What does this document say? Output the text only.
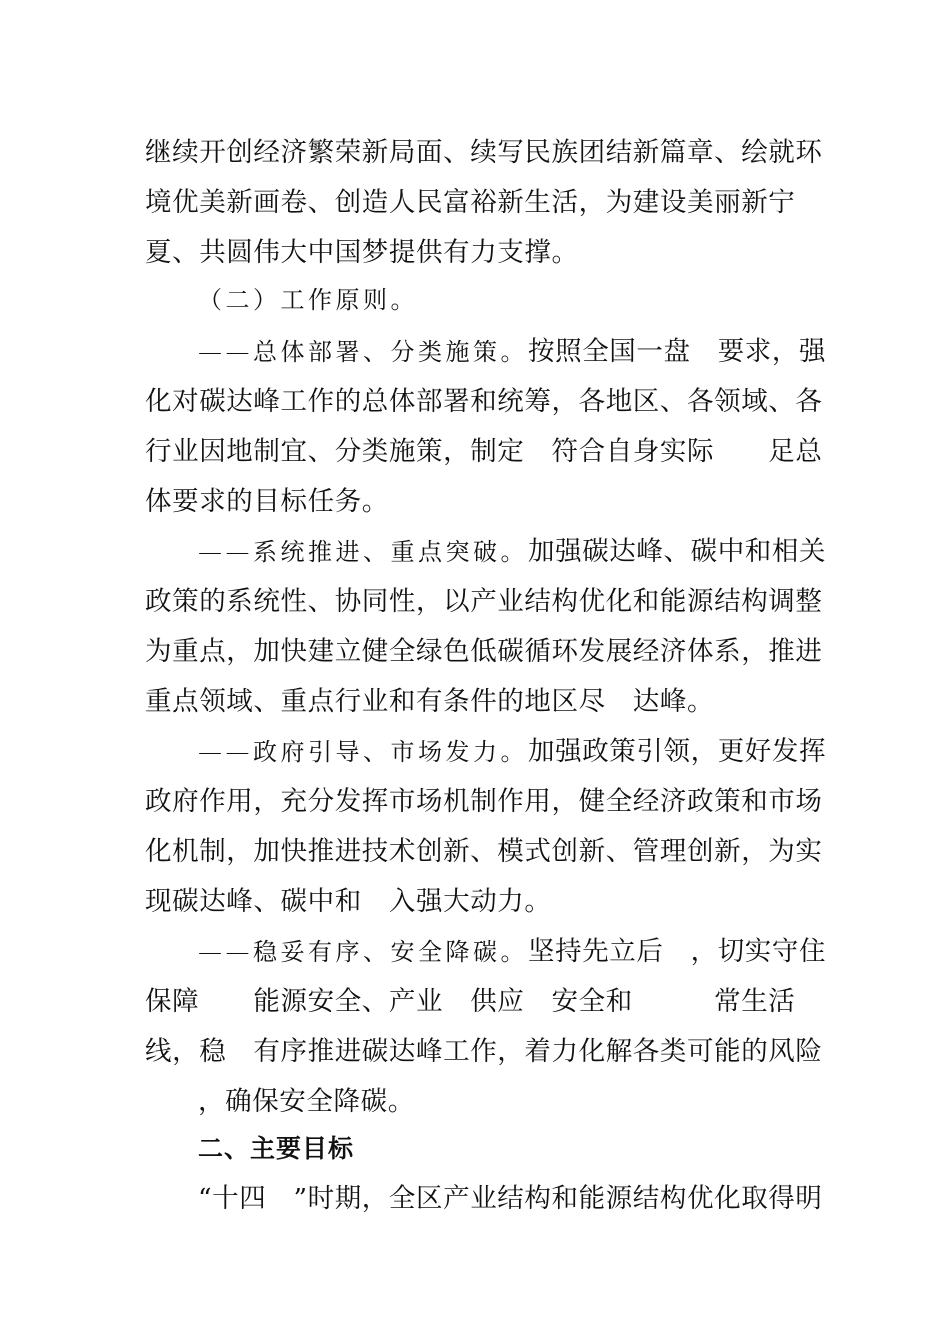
继续开创经济繁荣新局面、续写民族团结新篇章、绘就环
境优美新画卷、创造人民富裕新生活，为建设美丽新宁
夏、共圆伟大中国梦提供有力支撑。
（二）工作原则。
——总体部署、分类施策。按照全国一盘　要求，强
化对碳达峰工作的总体部署和统筹，各地区、各领域、各
行业因地制宜、分类施策，制定　符合自身实际　　足总
体要求的目标任务。
——系统推进、重点突破。加强碳达峰、碳中和相关
政策的系统性、协同性，以产业结构优化和能源结构调整
为重点，加快建立健全绿色低碳循环发展经济体系，推进
重点领域、重点行业和有条件的地区尽　达峰。
——政府引导、市场发力。加强政策引领，更好发挥
政府作用，充分发挥市场机制作用，健全经济政策和市场
化机制，加快推进技术创新、模式创新、管理创新，为实
现碳达峰、碳中和　入强大动力。
——稳妥有序、安全降碳。坚持先立后　，切实守住
保障　　能源安全、产业　供应　安全和　　　常生活
线，稳　有序推进碳达峰工作，着力化解各类可能的风险
，确保安全降碳。
二、主要目标
“十四　”时期，全区产业结构和能源结构优化取得明
